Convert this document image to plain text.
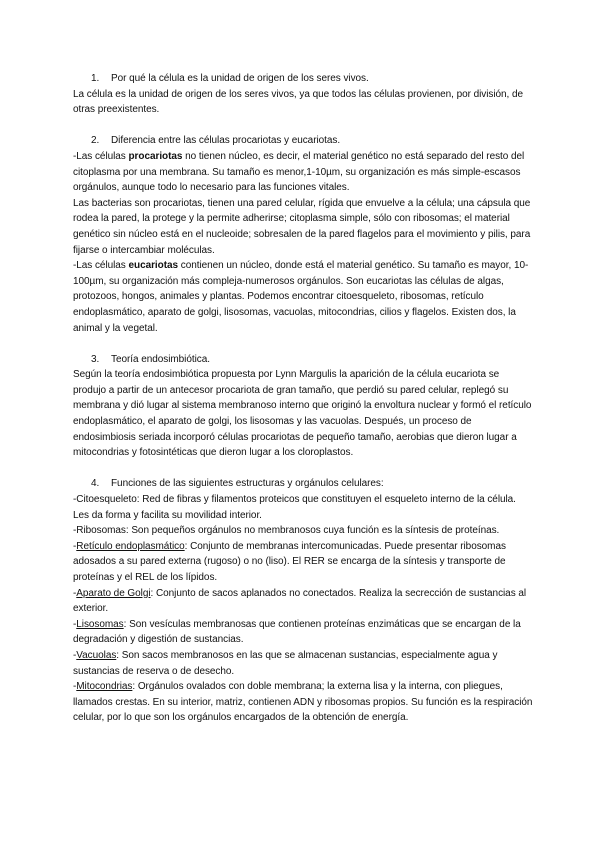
1. Por qué la célula es la unidad de origen de los seres vivos.

La célula es la unidad de origen de los seres vivos, ya que todos las células provienen, por división, de otras preexistentes.

2. Diferencia entre las células procariotas y eucariotas.

-Las células procariotas no tienen núcleo, es decir, el material genético no está separado del resto del citoplasma por una membrana. Su tamaño es menor,1-10µm, su organización es más simple-escasos orgánulos, aunque todo lo necesario para las funciones vitales.

Las bacterias son procariotas, tienen una pared celular, rígida que envuelve a la célula; una cápsula que rodea la pared, la protege y la permite adherirse; citoplasma simple, sólo con ribosomas; el material genético sin núcleo está en el nucleoide; sobresalen de la pared flagelos para el movimiento y pilis, para fijarse o intercambiar moléculas.

-Las células eucariotas contienen un núcleo, donde está el material genético. Su tamaño es mayor, 10-100µm, su organización más compleja-numerosos orgánulos. Son eucariotas las células de algas, protozoos, hongos, animales y plantas. Podemos encontrar citoesqueleto, ribosomas, retículo endoplasmático, aparato de golgi, lisosomas, vacuolas, mitocondrias, cilios y flagelos. Existen dos, la animal y la vegetal.

3. Teoría endosimbiótica.

Según la teoría endosimbiótica propuesta por Lynn Margulis la aparición de la célula eucariota se produjo a partir de un antecesor procariota de gran tamaño, que perdió su pared celular, replegó su membrana y dió lugar al sistema membranoso interno que originó la envoltura nuclear y formó el retículo endoplasmático, el aparato de golgi, los lisosomas y las vacuolas. Después, un proceso de endosimbiosis seriada incorporó células procariotas de pequeño tamaño, aerobias que dieron lugar a mitocondrias y fotosintéticas que dieron lugar a los cloroplastos.

4. Funciones de las siguientes estructuras y orgánulos celulares:

-Citoesqueleto: Red de fibras y filamentos proteicos que constituyen el esqueleto interno de la célula. Les da forma y facilita su movilidad interior.

-Ribosomas: Son pequeños orgánulos no membranosos cuya función es la síntesis de proteínas.

-Retículo endoplasmático: Conjunto de membranas intercomunicadas. Puede presentar ribosomas adosados a su pared externa (rugoso) o no (liso). El RER se encarga de la síntesis y transporte de proteínas y el REL de los lípidos.

-Aparato de Golgi: Conjunto de sacos aplanados no conectados. Realiza la secrección de sustancias al exterior.

-Lisosomas: Son vesículas membranosas que contienen proteínas enzimáticas que se encargan de la degradación y digestión de sustancias.

-Vacuolas: Son sacos membranosos en las que se almacenan sustancias, especialmente agua y sustancias de reserva o de desecho.

-Mitocondrias: Orgánulos ovalados con doble membrana; la externa lisa y la interna, con pliegues, llamados crestas. En su interior, matriz, contienen ADN y ribosomas propios. Su función es la respiración celular, por lo que son los orgánulos encargados de la obtención de energía.
